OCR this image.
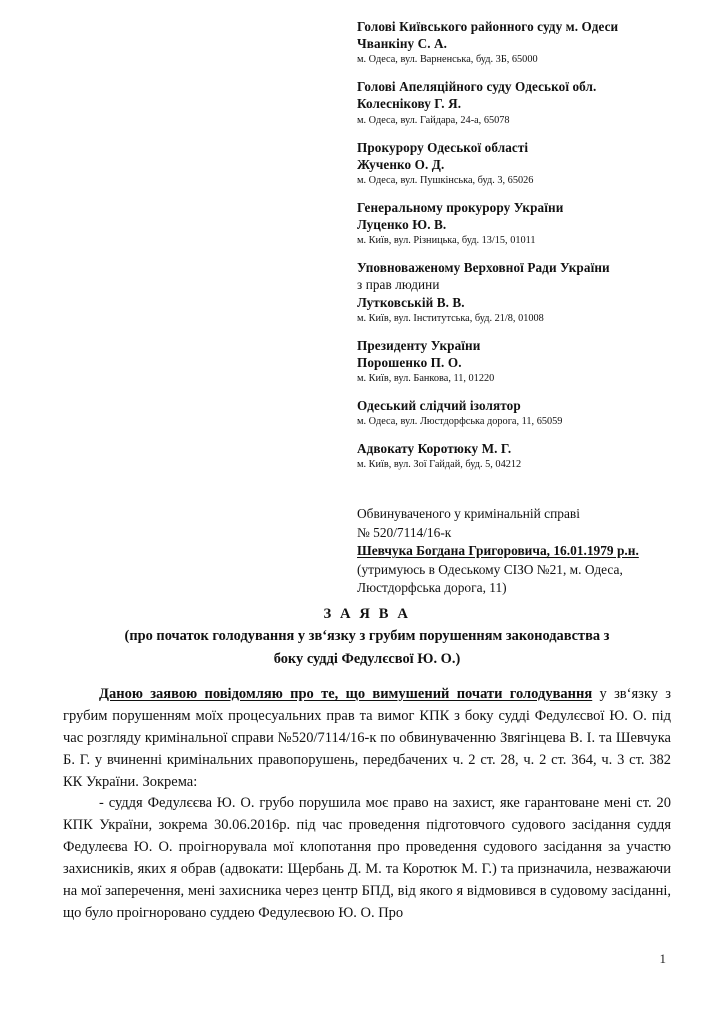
Голові Київського районного суду м. Одеси
Чванкіну С. А.
м. Одеса, вул. Варненська, буд. 3Б, 65000
Голові Апеляційного суду Одеської обл.
Колеснікову Г. Я.
м. Одеса, вул. Гайдара, 24-а, 65078
Прокурору Одеської області
Жученко О. Д.
м. Одеса, вул. Пушкінська, буд. 3, 65026
Генеральному прокурору України
Луценко Ю. В.
м. Київ, вул. Різницька, буд. 13/15, 01011
Уповноваженому Верховної Ради України
з прав людини
Лутковській В. В.
м. Київ, вул. Інститутська, буд. 21/8, 01008
Президенту України
Порошенко П. О.
м. Київ, вул. Банкова, 11, 01220
Одеський слідчий ізолятор
м. Одеса, вул. Люстдорфська дорога, 11, 65059
Адвокату Коротюку М. Г.
м. Київ, вул. Зої Гайдай, буд. 5, 04212
Обвинуваченого у кримінальній справі
№ 520/7114/16-к
Шевчука Богдана Григоровича, 16.01.1979 р.н.
(утримуюсь в Одеському СІЗО №21, м. Одеса,
Люстдорфська дорога, 11)
З А Я В А
(про початок голодування у зв‘язку з грубим порушенням законодавства з
боку судді Федулєсвої Ю. О.)

Даною заявою повідомляю про те, що вимушений почати голодування у зв‘язку з грубим порушенням моїх процесуальних прав та вимог КПК з боку судді Федулєсвої Ю. О. під час розгляду кримінальної справи №520/7114/16-к по обвинуваченню Звягінцева В. І. та Шевчука Б. Г. у вчиненні кримінальних правопорушень, передбачених ч. 2 ст. 28, ч. 2 ст. 364, ч. 3 ст. 382 КК України. Зокрема:

- суддя Федулєєва Ю. О. грубо порушила моє право на захист, яке гарантоване мені ст. 20 КПК України, зокрема 30.06.2016р. під час проведення підготовчого судового засідання суддя Федулеєва Ю. О. проігнорувала мої клопотання про проведення судового засідання за участю захисників, яких я обрав (адвокати: Щербань Д. М. та Коротюк М. Г.) та призначила, незважаючи на мої заперечення, мені захисника через центр БПД, від якого я відмовився в судовому засіданні, що було проігноровано суддею Федулеєвою Ю. О. Про

1
